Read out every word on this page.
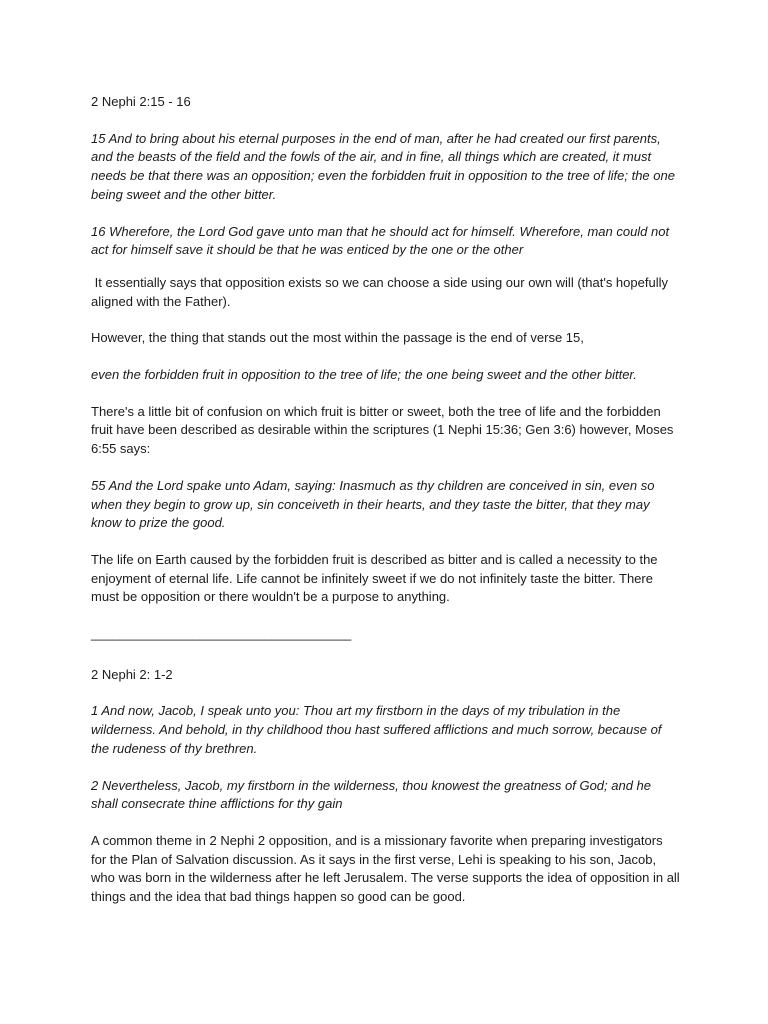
2 Nephi 2:15 - 16

15 And to bring about his eternal purposes in the end of man, after he had created our first parents, and the beasts of the field and the fowls of the air, and in fine, all things which are created, it must needs be that there was an opposition; even the forbidden fruit in opposition to the tree of life; the one being sweet and the other bitter.

16 Wherefore, the Lord God gave unto man that he should act for himself. Wherefore, man could not act for himself save it should be that he was enticed by the one or the other

It essentially says that opposition exists so we can choose a side using our own will (that's hopefully aligned with the Father).

However, the thing that stands out the most within the passage is the end of verse 15,

even the forbidden fruit in opposition to the tree of life; the one being sweet and the other bitter.

There's a little bit of confusion on which fruit is bitter or sweet, both the tree of life and the forbidden fruit have been described as desirable within the scriptures (1 Nephi 15:36; Gen 3:6) however, Moses 6:55 says:

55 And the Lord spake unto Adam, saying: Inasmuch as thy children are conceived in sin, even so when they begin to grow up, sin conceiveth in their hearts, and they taste the bitter, that they may know to prize the good.

The life on Earth caused by the forbidden fruit is described as bitter and is called a necessity to the enjoyment of eternal life. Life cannot be infinitely sweet if we do not infinitely taste the bitter. There must be opposition or there wouldn't be a purpose to anything.

____________________________________

2 Nephi 2: 1-2

1 And now, Jacob, I speak unto you: Thou art my firstborn in the days of my tribulation in the wilderness. And behold, in thy childhood thou hast suffered afflictions and much sorrow, because of the rudeness of thy brethren.

2 Nevertheless, Jacob, my firstborn in the wilderness, thou knowest the greatness of God; and he shall consecrate thine afflictions for thy gain

A common theme in 2 Nephi 2 opposition, and is a missionary favorite when preparing investigators for the Plan of Salvation discussion. As it says in the first verse, Lehi is speaking to his son, Jacob, who was born in the wilderness after he left Jerusalem. The verse supports the idea of opposition in all things and the idea that bad things happen so good can be good.
